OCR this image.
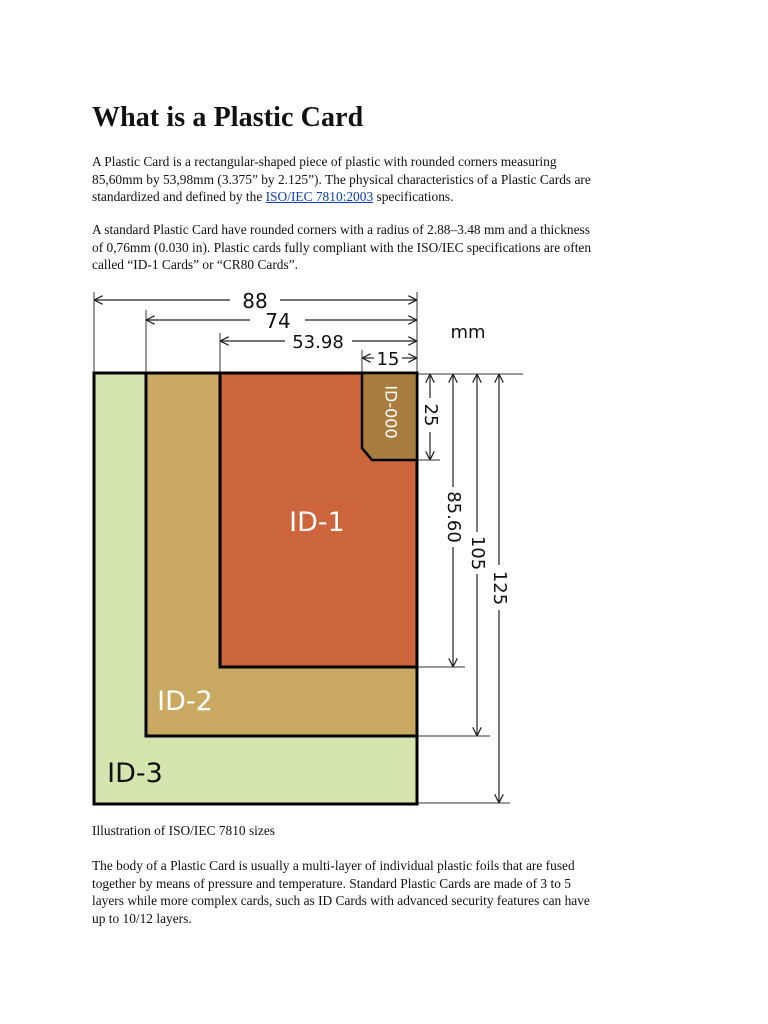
What is a Plastic Card

A Plastic Card is a rectangular-shaped piece of plastic with rounded corners measuring
85,60mm by 53,98mm (3.375” by 2.125”). The physical characteristics of a Plastic Cards are
standardized and defined by the ISO/IEC 7810:2003 specifications.

A standard Plastic Card have rounded corners with a radius of 2.88–3.48 mm and a thickness
of 0,76mm (0.030 in). Plastic cards fully compliant with the ISO/IEC specifications are often
called “ID-1 Cards” or “CR80 Cards”.

Illustration of ISO/IEC 7810 sizes

The body of a Plastic Card is usually a multi-layer of individual plastic foils that are fused
together by means of pressure and temperature. Standard Plastic Cards are made of 3 to 5
layers while more complex cards, such as ID Cards with advanced security features can have
up to 10/12 layers.

ID-1
ID-2
ID-3
ID-000
88
74
53.98
15
mm
25
85.60
105
125
